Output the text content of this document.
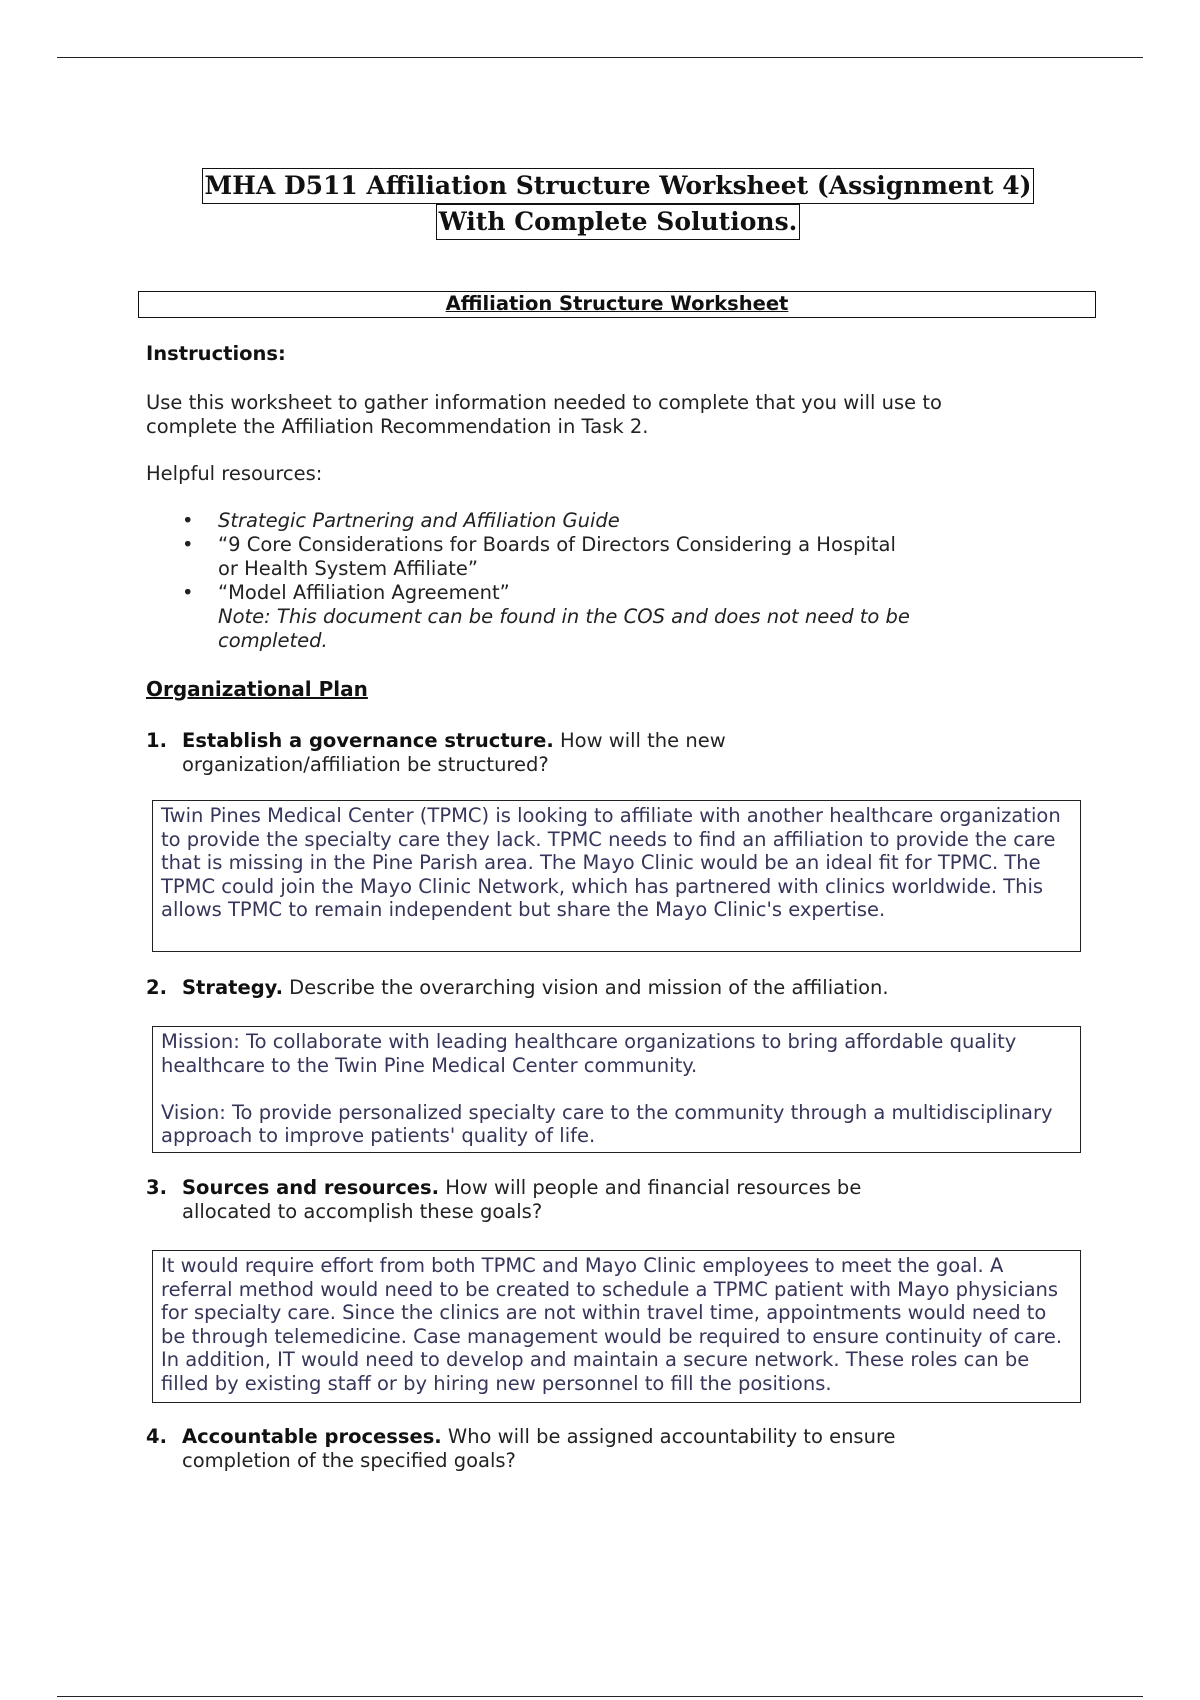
MHA D511 Affiliation Structure Worksheet (Assignment 4)
With Complete Solutions.
Affiliation Structure Worksheet
Instructions:
Use this worksheet to gather information needed to complete that you will use to
complete the Affiliation Recommendation in Task 2.
Helpful resources:
• Strategic Partnering and Affiliation Guide
• “9 Core Considerations for Boards of Directors Considering a Hospital
or Health System Affiliate”
• “Model Affiliation Agreement”
Note: This document can be found in the COS and does not need to be
completed.
Organizational Plan
1. Establish a governance structure. How will the new
organization/affiliation be structured?

Twin Pines Medical Center (TPMC) is looking to affiliate with another healthcare organization to provide the specialty care they lack. TPMC needs to find an affiliation to provide the care that is missing in the Pine Parish area. The Mayo Clinic would be an ideal fit for TPMC. The TPMC could join the Mayo Clinic Network, which has partnered with clinics worldwide. This allows TPMC to remain independent but share the Mayo Clinic's expertise.

2. Strategy. Describe the overarching vision and mission of the affiliation.

Mission: To collaborate with leading healthcare organizations to bring affordable quality healthcare to the Twin Pine Medical Center community.

Vision: To provide personalized specialty care to the community through a multidisciplinary approach to improve patients' quality of life.

3. Sources and resources. How will people and financial resources be
allocated to accomplish these goals?

It would require effort from both TPMC and Mayo Clinic employees to meet the goal. A referral method would need to be created to schedule a TPMC patient with Mayo physicians for specialty care. Since the clinics are not within travel time, appointments would need to be through telemedicine. Case management would be required to ensure continuity of care. In addition, IT would need to develop and maintain a secure network. These roles can be filled by existing staff or by hiring new personnel to fill the positions.

4. Accountable processes. Who will be assigned accountability to ensure
completion of the specified goals?
